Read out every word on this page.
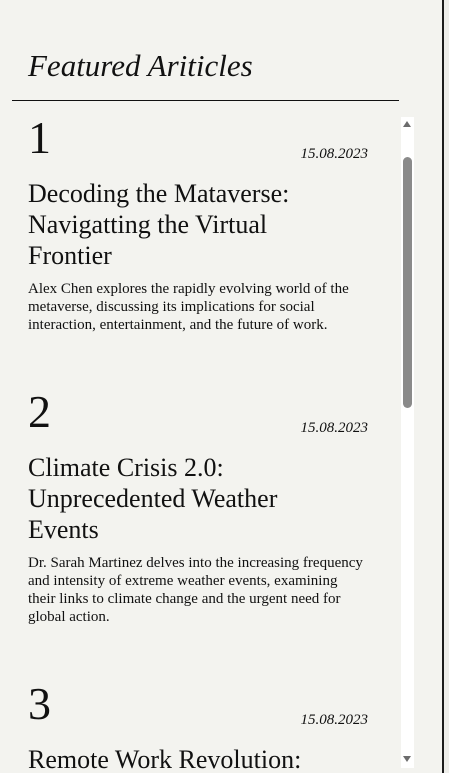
Featured Ariticles
1	15.08.2023
Decoding the Mataverse: Navigatting the Virtual Frontier

Alex Chen explores the rapidly evolving world of the metaverse, discussing its implications for social interaction, entertainment, and the future of work.

2	15.08.2023
Climate Crisis 2.0: Unprecedented Weather Events

Dr. Sarah Martinez delves into the increasing frequency and intensity of extreme weather events, examining their links to climate change and the urgent need for global action.

3	15.08.2023
Remote Work Revolution:
